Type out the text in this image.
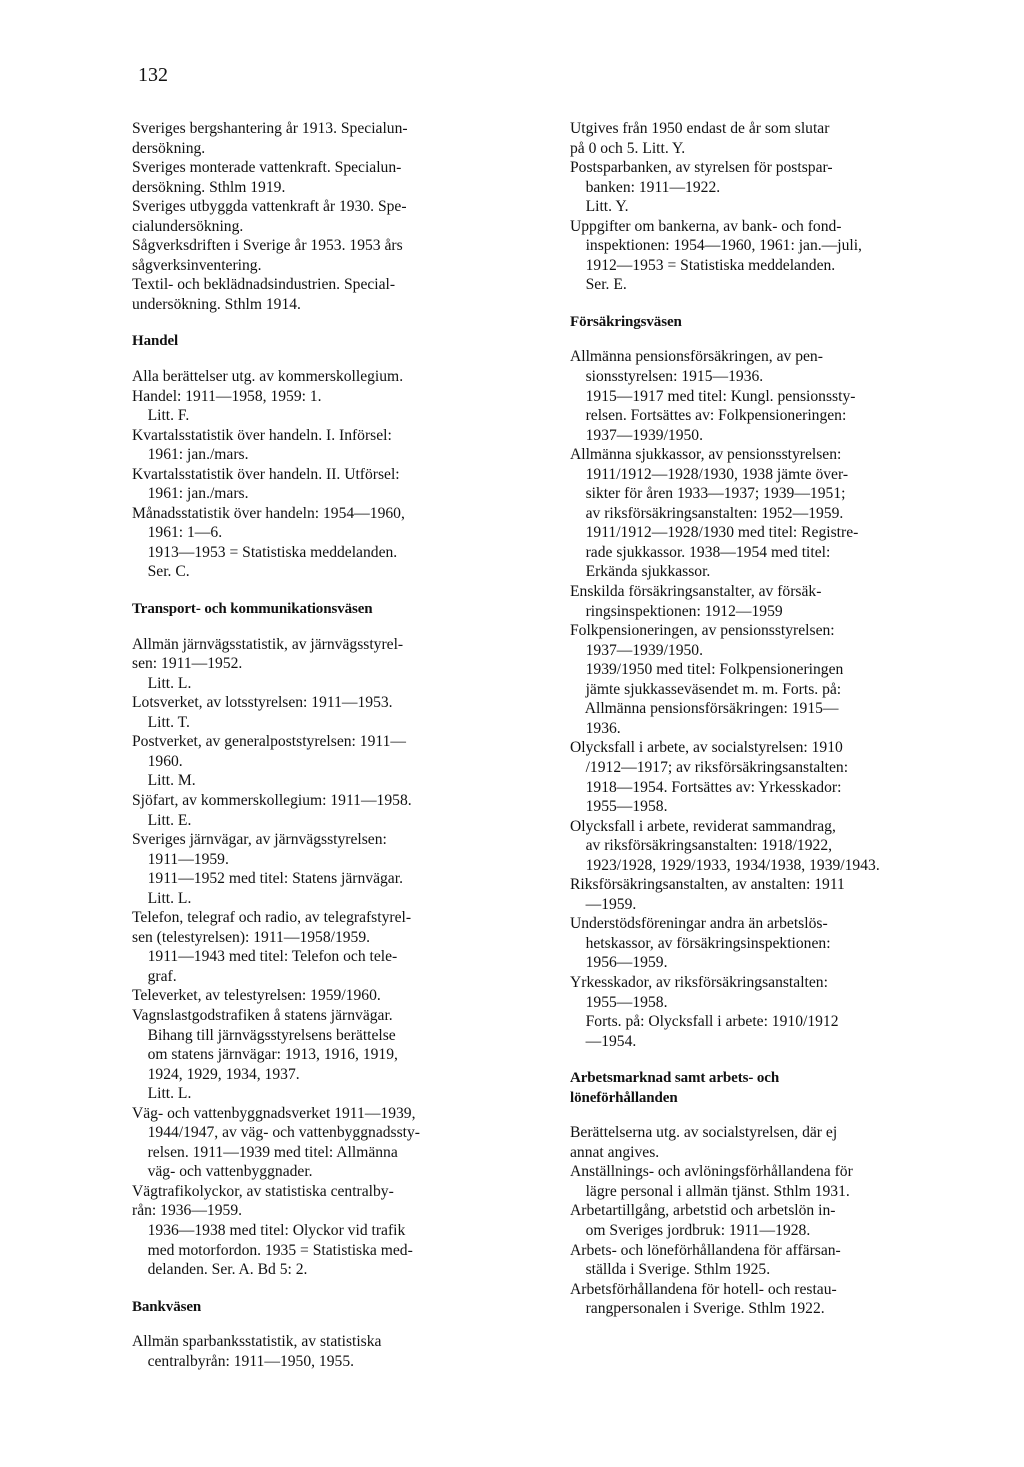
132
Sveriges bergshantering år 1913. Specialun-
dersökning.
Sveriges monterade vattenkraft. Specialun-
dersökning. Sthlm 1919.
Sveriges utbyggda vattenkraft år 1930. Spe-
cialundersökning.
Sågverksdriften i Sverige år 1953. 1953 års
sågverksinventering.
Textil- och beklädnadsindustrien. Special-
undersökning. Sthlm 1914.
Handel
Alla berättelser utg. av kommerskollegium.
Handel: 1911—1958, 1959: 1.
Litt. F.
Kvartalsstatistik över handeln. I. Införsel:
1961: jan./mars.
Kvartalsstatistik över handeln. II. Utförsel:
1961: jan./mars.
Månadsstatistik över handeln: 1954—1960,
1961: 1—6.
1913—1953 = Statistiska meddelanden.
Ser. C.
Transport- och kommunikationsväsen
Allmän järnvägsstatistik, av järnvägsstyrel-
sen: 1911—1952.
Litt. L.
Lotsverket, av lotsstyrelsen: 1911—1953.
Litt. T.
Postverket, av generalpoststyrelsen: 1911—
1960.
Litt. M.
Sjöfart, av kommerskollegium: 1911—1958.
Litt. E.
Sveriges järnvägar, av järnvägsstyrelsen:
1911—1959.
1911—1952 med titel: Statens järnvägar.
Litt. L.
Telefon, telegraf och radio, av telegrafstyrel-
sen (telestyrelsen): 1911—1958/1959.
1911—1943 med titel: Telefon och tele-
graf.
Televerket, av telestyrelsen: 1959/1960.
Vagnslastgodstrafiken å statens järnvägar.
Bihang till järnvägsstyrelsens berättelse
om statens järnvägar: 1913, 1916, 1919,
1924, 1929, 1934, 1937.
Litt. L.
Väg- och vattenbyggnadsverket 1911—1939,
1944/1947, av väg- och vattenbyggnadssty-
relsen. 1911—1939 med titel: Allmänna
väg- och vattenbyggnader.
Vägtrafikolyckor, av statistiska centralby-
rån: 1936—1959.
1936—1938 med titel: Olyckor vid trafik
med motorfordon. 1935 = Statistiska med-
delanden. Ser. A. Bd 5: 2.
Bankväsen
Allmän sparbanksstatistik, av statistiska
centralbyrån: 1911—1950, 1955.
Utgives från 1950 endast de år som slutar
på 0 och 5. Litt. Y.
Postsparbanken, av styrelsen för postspar-
banken: 1911—1922.
Litt. Y.
Uppgifter om bankerna, av bank- och fond-
inspektionen: 1954—1960, 1961: jan.—juli,
1912—1953 = Statistiska meddelanden.
Ser. E.
Försäkringsväsen
Allmänna pensionsförsäkringen, av pen-
sionsstyrelsen: 1915—1936.
1915—1917 med titel: Kungl. pensionssty-
relsen. Fortsättes av: Folkpensioneringen:
1937—1939/1950.
Allmänna sjukkassor, av pensionsstyrelsen:
1911/1912—1928/1930, 1938 jämte över-
sikter för åren 1933—1937; 1939—1951;
av riksförsäkringsanstalten: 1952—1959.
1911/1912—1928/1930 med titel: Registre-
rade sjukkassor. 1938—1954 med titel:
Erkända sjukkassor.
Enskilda försäkringsanstalter, av försäk-
ringsinspektionen: 1912—1959
Folkpensioneringen, av pensionsstyrelsen:
1937—1939/1950.
1939/1950 med titel: Folkpensioneringen
jämte sjukkasseväsendet m. m. Forts. på:
Allmänna pensionsförsäkringen: 1915—
1936.
Olycksfall i arbete, av socialstyrelsen: 1910
/1912—1917; av riksförsäkringsanstalten:
1918—1954. Fortsättes av: Yrkesskador:
1955—1958.
Olycksfall i arbete, reviderat sammandrag,
av riksförsäkringsanstalten: 1918/1922,
1923/1928, 1929/1933, 1934/1938, 1939/1943.
Riksförsäkringsanstalten, av anstalten: 1911
—1959.
Understödsföreningar andra än arbetslös-
hetskassor, av försäkringsinspektionen:
1956—1959.
Yrkesskador, av riksförsäkringsanstalten:
1955—1958.
Forts. på: Olycksfall i arbete: 1910/1912
—1954.
Arbetsmarknad samt arbets- och
löneförhållanden
Berättelserna utg. av socialstyrelsen, där ej
annat angives.
Anställnings- och avlöningsförhållandena för
lägre personal i allmän tjänst. Sthlm 1931.
Arbetartillgång, arbetstid och arbetslön in-
om Sveriges jordbruk: 1911—1928.
Arbets- och löneförhållandena för affärsan-
ställda i Sverige. Sthlm 1925.
Arbetsförhållandena för hotell- och restau-
rangpersonalen i Sverige. Sthlm 1922.
